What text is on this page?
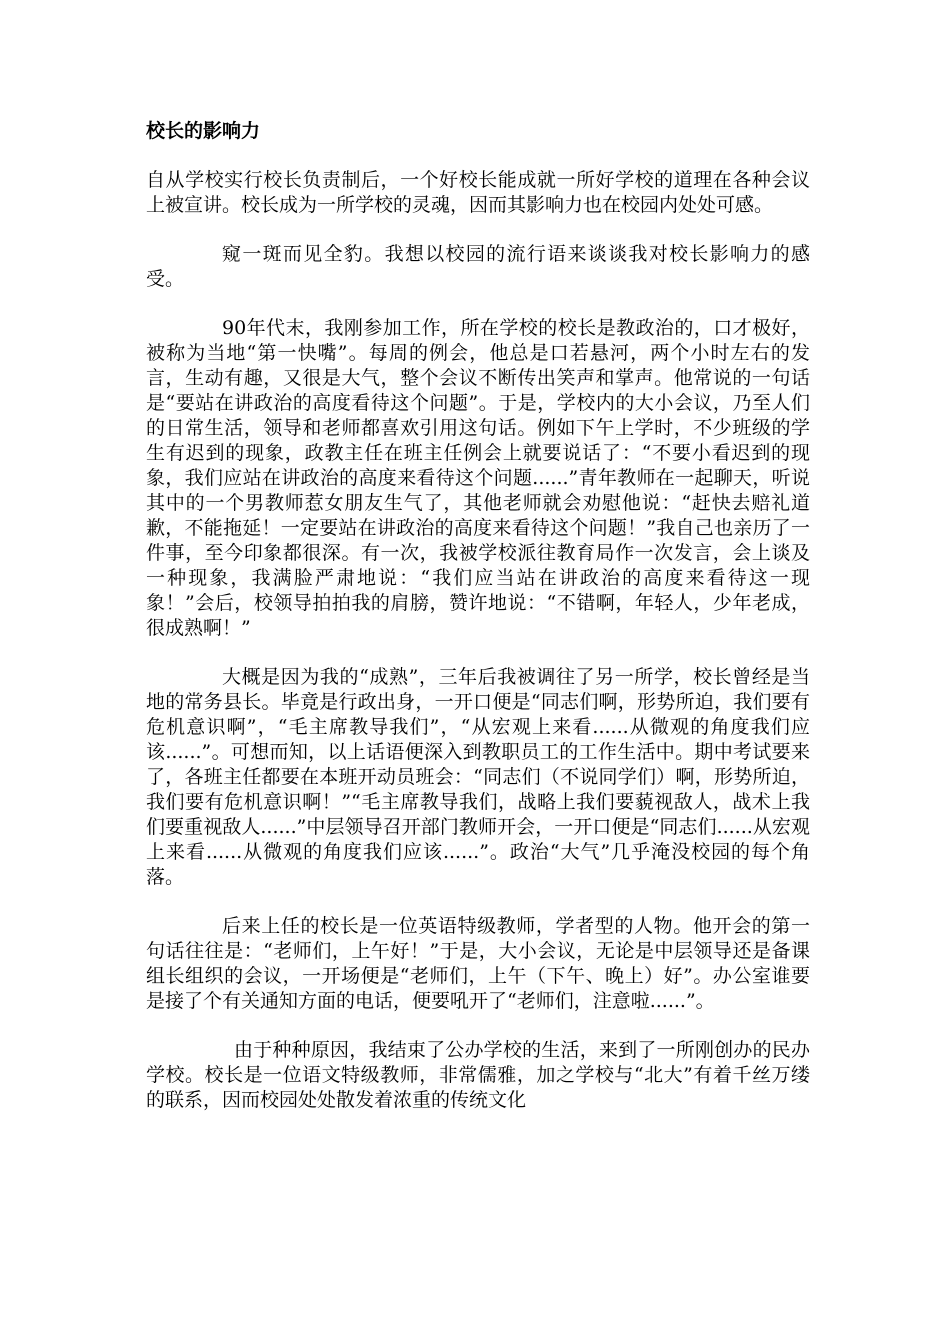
校长的影响力

自从学校实行校长负责制后，一个好校长能成就一所好学校的道理在各种会议上被宣讲。校长成为一所学校的灵魂，因而其影响力也在校园内处处可感。

窥一斑而见全豹。我想以校园的流行语来谈谈我对校长影响力的感受。

90年代末，我刚参加工作，所在学校的校长是教政治的，口才极好，被称为当地“第一快嘴”。每周的例会，他总是口若悬河，两个小时左右的发言，生动有趣，又很是大气，整个会议不断传出笑声和掌声。他常说的一句话是“要站在讲政治的高度看待这个问题”。于是，学校内的大小会议，乃至人们的日常生活，领导和老师都喜欢引用这句话。例如下午上学时，不少班级的学生有迟到的现象，政教主任在班主任例会上就要说话了：“不要小看迟到的现象，我们应站在讲政治的高度来看待这个问题......”青年教师在一起聊天，听说其中的一个男教师惹女朋友生气了，其他老师就会劝慰他说：“赶快去赔礼道歉，不能拖延！一定要站在讲政治的高度来看待这个问题！”我自己也亲历了一件事，至今印象都很深。有一次，我被学校派往教育局作一次发言，会上谈及一种现象，我满脸严肃地说：“我们应当站在讲政治的高度来看待这一现象！”会后，校领导拍拍我的肩膀，赞许地说：“不错啊，年轻人，少年老成，很成熟啊！”

大概是因为我的“成熟”，三年后我被调往了另一所学，校长曾经是当地的常务县长。毕竟是行政出身，一开口便是“同志们啊，形势所迫，我们要有危机意识啊”，“毛主席教导我们”，“从宏观上来看......从微观的角度我们应该......”。可想而知，以上话语便深入到教职员工的工作生活中。期中考试要来了，各班主任都要在本班开动员班会：“同志们（不说同学们）啊，形势所迫，我们要有危机意识啊！”“毛主席教导我们，战略上我们要藐视敌人，战术上我们要重视敌人......”中层领导召开部门教师开会，一开口便是“同志们......从宏观上来看......从微观的角度我们应该......”。政治“大气”几乎淹没校园的每个角落。

后来上任的校长是一位英语特级教师，学者型的人物。他开会的第一句话往往是：“老师们，上午好！”于是，大小会议，无论是中层领导还是备课组长组织的会议，一开场便是“老师们，上午（下午、晚上）好”。办公室谁要是接了个有关通知方面的电话，便要吼开了“老师们，注意啦......”。

由于种种原因，我结束了公办学校的生活，来到了一所刚创办的民办学校。校长是一位语文特级教师，非常儒雅，加之学校与“北大”有着千丝万缕的联系，因而校园处处散发着浓重的传统文化
